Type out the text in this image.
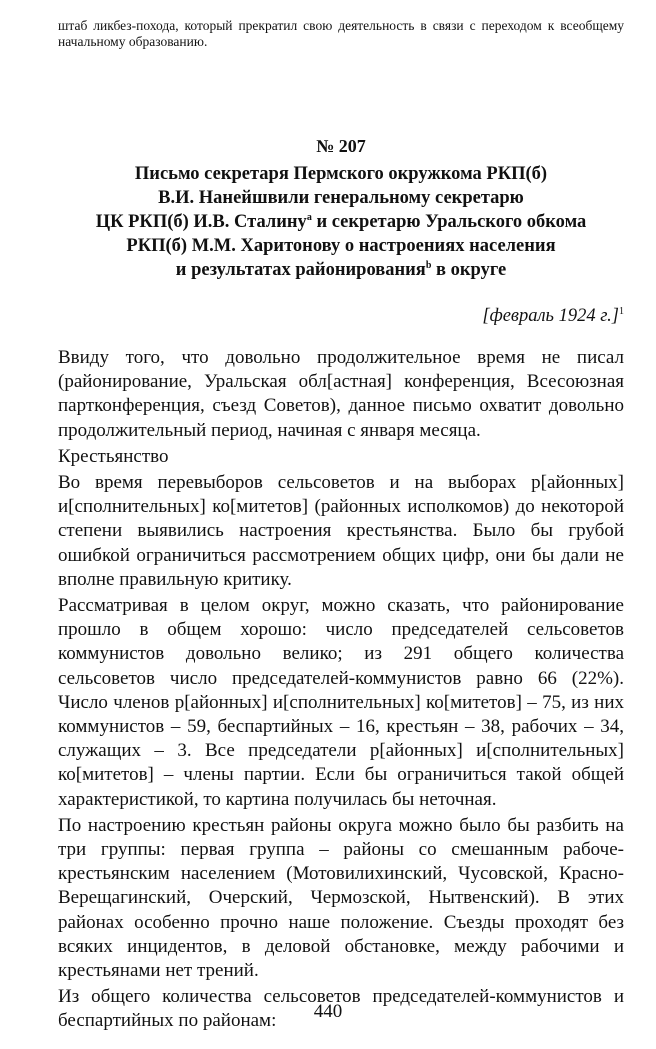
штаб ликбез-похода, который прекратил свою деятельность в связи с переходом к всеобщему начальному образованию.

№ 207
Письмо секретаря Пермского окружкома РКП(б)
В.И. Нанейшвили генеральному секретарю
ЦК РКП(б) И.В. Сталину$^a$ и секретарю Уральского обкома
РКП(б) М.М. Харитонову о настроениях населения
и результатах районирования$^b$ в округе
[февраль 1924 г.]$^1$

Ввиду того, что довольно продолжительное время не писал (районирование, Уральская обл[астная] конференция, Всесоюзная партконференция, съезд Советов), данное письмо охватит довольно продолжительный период, начиная с января месяца.

Крестьянство

Во время перевыборов сельсоветов и на выборах р[айонных] и[сполнительных] ко[митетов] (районных исполкомов) до некоторой степени выявились настроения крестьянства. Было бы грубой ошибкой ограничиться рассмотрением общих цифр, они бы дали не вполне правильную критику.

Рассматривая в целом округ, можно сказать, что районирование прошло в общем хорошо: число председателей сельсоветов коммунистов довольно велико; из 291 общего количества сельсоветов число председателей-коммунистов равно 66 (22%). Число членов р[айонных] и[сполнительных] ко[митетов] – 75, из них коммунистов – 59, беспартийных – 16, крестьян – 38, рабочих – 34, служащих – 3. Все председатели р[айонных] и[сполнительных] ко[митетов] – члены партии. Если бы ограничиться такой общей характеристикой, то картина получилась бы неточная.

По настроению крестьян районы округа можно было бы разбить на три группы: первая группа – районы со смешанным рабоче-крестьянским населением (Мотовилихинский, Чусовской, Красно-Верещагинский, Очерский, Чермозской, Нытвенский). В этих районах особенно прочно наше положение. Съезды проходят без всяких инцидентов, в деловой обстановке, между рабочими и крестьянами нет трений.

Из общего количества сельсоветов председателей-коммунистов и беспартийных по районам:	440
